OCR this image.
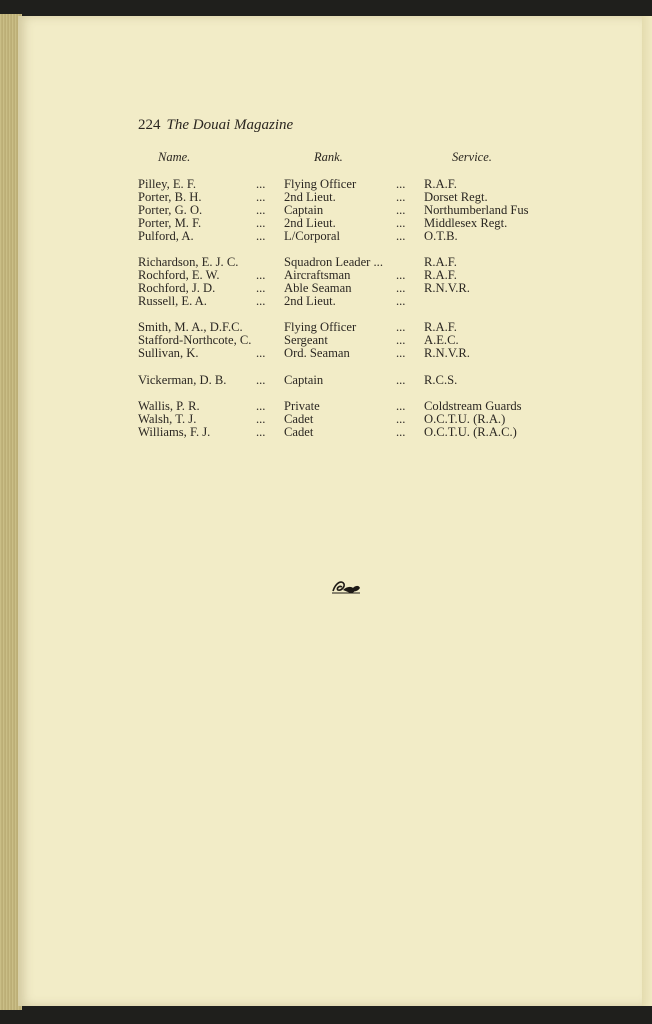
224 The Douai Magazine
Name.	Rank.	Service.
Pilley, E. F.	... Flying Officer	... R.A.F.
Porter, B. H.	... 2nd Lieut.	... Dorset Regt.
Porter, G. O.	... Captain	... Northumberland Fus
Porter, M. F.	... 2nd Lieut.	... Middlesex Regt.
Pulford, A.	... L/Corporal	... O.T.B.
Richardson, E. J. C.	Squadron Leader ...	R.A.F.
Rochford, E. W.	... Aircraftsman	... R.A.F.
Rochford, J. D.	... Able Seaman	... R.N.V.R.
Russell, E. A.	... 2nd Lieut.	...
Smith, M. A., D.F.C.	Flying Officer	... R.A.F.
Stafford-Northcote, C.	Sergeant	... A.E.C.
Sullivan, K.	... Ord. Seaman	... R.N.V.R.
Vickerman, D. B. ... Captain	... R.C.S.
Wallis, P. R.	... Private	... Coldstream Guards
Walsh, T. J.	... Cadet	... O.C.T.U. (R.A.)
Williams, F. J.	... Cadet	... O.C.T.U. (R.A.C.)
